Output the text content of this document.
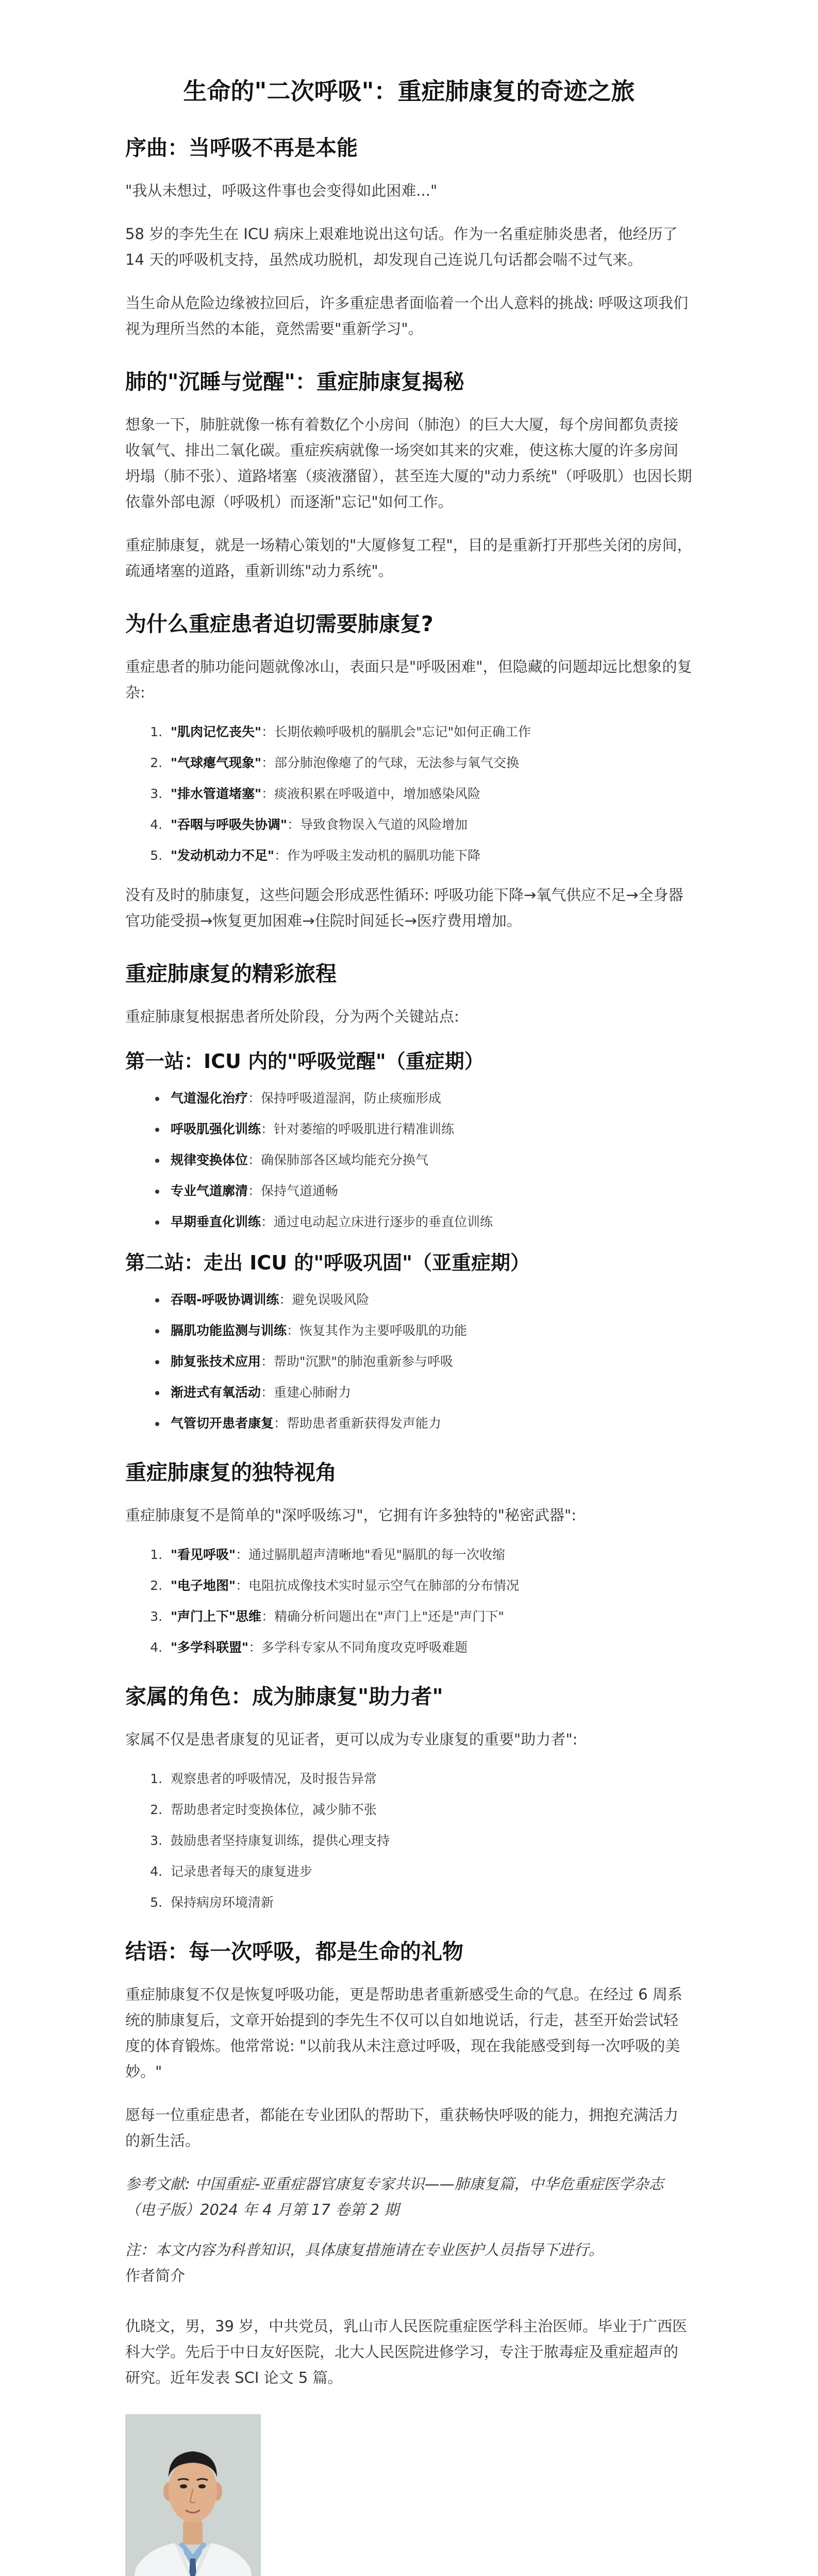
生命的"二次呼吸"：重症肺康复的奇迹之旅
序曲：当呼吸不再是本能

"我从未想过，呼吸这件事也会变得如此困难..."

58 岁的李先生在 ICU 病床上艰难地说出这句话。作为一名重症肺炎患者，他经历了 14 天的呼吸机支持，虽然成功脱机，却发现自己连说几句话都会喘不过气来。

当生命从危险边缘被拉回后，许多重症患者面临着一个出人意料的挑战: 呼吸这项我们视为理所当然的本能，竟然需要"重新学习"。

肺的"沉睡与觉醒"：重症肺康复揭秘

想象一下，肺脏就像一栋有着数亿个小房间（肺泡）的巨大大厦，每个房间都负责接收氧气、排出二氧化碳。重症疾病就像一场突如其来的灾难，使这栋大厦的许多房间坍塌（肺不张）、道路堵塞（痰液潴留），甚至连大厦的"动力系统"（呼吸肌）也因长期依靠外部电源（呼吸机）而逐渐"忘记"如何工作。

重症肺康复，就是一场精心策划的"大厦修复工程"，目的是重新打开那些关闭的房间，疏通堵塞的道路，重新训练"动力系统"。

为什么重症患者迫切需要肺康复?

重症患者的肺功能问题就像冰山，表面只是"呼吸困难"，但隐藏的问题却远比想象的复杂:

1. "肌肉记忆丧失"：长期依赖呼吸机的膈肌会"忘记"如何正确工作
2. "气球瘪气现象"：部分肺泡像瘪了的气球，无法参与氧气交换
3. "排水管道堵塞"：痰液积累在呼吸道中，增加感染风险
4. "吞咽与呼吸失协调"：导致食物误入气道的风险增加
5. "发动机动力不足"：作为呼吸主发动机的膈肌功能下降

没有及时的肺康复，这些问题会形成恶性循环: 呼吸功能下降→氧气供应不足→全身器官功能受损→恢复更加困难→住院时间延长→医疗费用增加。

重症肺康复的精彩旅程

重症肺康复根据患者所处阶段，分为两个关键站点:

第一站：ICU 内的"呼吸觉醒"（重症期）
• 气道湿化治疗：保持呼吸道湿润，防止痰痂形成
• 呼吸肌强化训练：针对萎缩的呼吸肌进行精准训练
• 规律变换体位：确保肺部各区域均能充分换气
• 专业气道廓清：保持气道通畅
• 早期垂直化训练：通过电动起立床进行逐步的垂直位训练
第二站：走出 ICU 的"呼吸巩固"（亚重症期）
• 吞咽-呼吸协调训练：避免误吸风险
• 膈肌功能监测与训练：恢复其作为主要呼吸肌的功能
• 肺复张技术应用：帮助"沉默"的肺泡重新参与呼吸
• 渐进式有氧活动：重建心肺耐力
• 气管切开患者康复：帮助患者重新获得发声能力
重症肺康复的独特视角

重症肺康复不是简单的"深呼吸练习"，它拥有许多独特的"秘密武器":

1. "看见呼吸"：通过膈肌超声清晰地"看见"膈肌的每一次收缩
2. "电子地图"：电阻抗成像技术实时显示空气在肺部的分布情况
3. "声门上下"思维：精确分析问题出在"声门上"还是"声门下"
4. "多学科联盟"：多学科专家从不同角度攻克呼吸难题
家属的角色：成为肺康复"助力者"

家属不仅是患者康复的见证者，更可以成为专业康复的重要"助力者":

1. 观察患者的呼吸情况，及时报告异常
2. 帮助患者定时变换体位，减少肺不张
3. 鼓励患者坚持康复训练，提供心理支持
4. 记录患者每天的康复进步
5. 保持病房环境清新
结语：每一次呼吸，都是生命的礼物

重症肺康复不仅是恢复呼吸功能，更是帮助患者重新感受生命的气息。在经过 6 周系统的肺康复后，文章开始提到的李先生不仅可以自如地说话，行走，甚至开始尝试轻度的体育锻炼。他常常说: "以前我从未注意过呼吸，现在我能感受到每一次呼吸的美妙。"

愿每一位重症患者，都能在专业团队的帮助下，重获畅快呼吸的能力，拥抱充满活力的新生活。

参考文献: 中国重症-亚重症器官康复专家共识——肺康复篇，中华危重症医学杂志（电子版）2024 年 4 月第 17 卷第 2 期

注：本文内容为科普知识，具体康复措施请在专业医护人员指导下进行。

作者简介

仇晓文，男，39 岁，中共党员，乳山市人民医院重症医学科主治医师。毕业于广西医科大学。先后于中日友好医院，北大人民医院进修学习，专注于脓毒症及重症超声的研究。近年发表 SCI 论文 5 篇。
